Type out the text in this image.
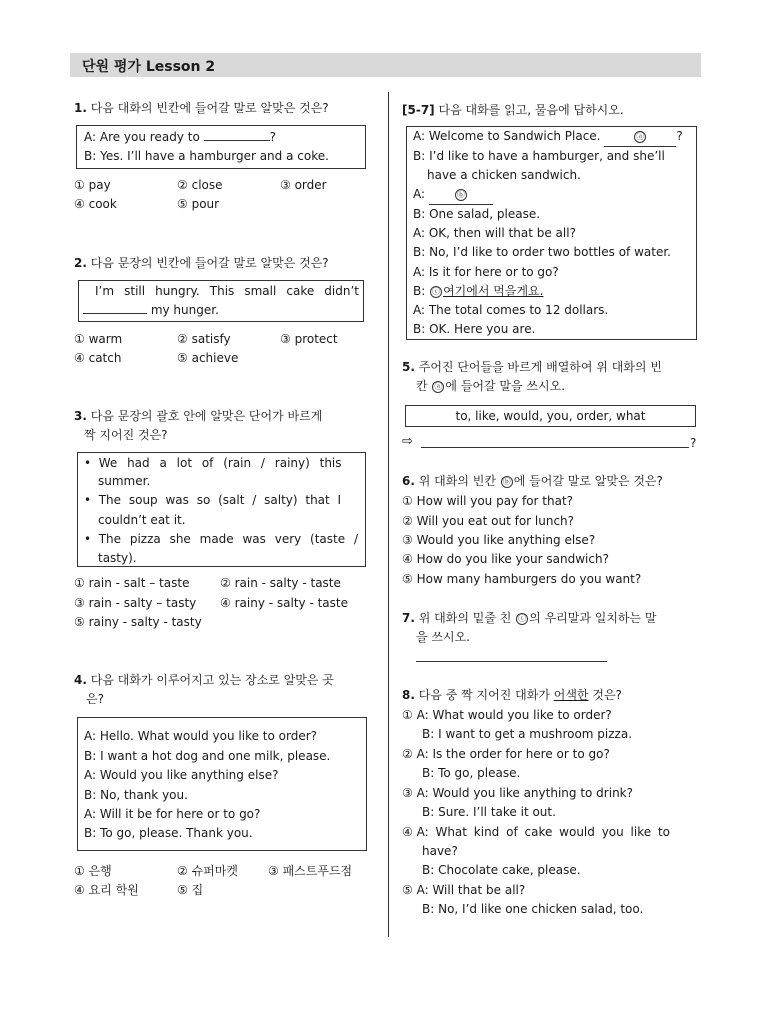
단원 평가 Lesson 2
1. 다음 대화의 빈칸에 들어갈 말로 알맞은 것은?
A: Are you ready to	?
B: Yes. I’ll have a hamburger and a coke.
① pay	② close	③ order
④ cook	⑤ pour
2. 다음 문장의 빈칸에 들어갈 말로 알맞은 것은?
I’m still hungry. This small cake didn’t
my hunger.
① warm	② satisfy	③ protect
④ catch	⑤ achieve
3. 다음 문장의 괄호 안에 알맞은 단어가 바르게
짝 지어진 것은?
•  We had a lot of (rain / rainy) this
summer.
•  The soup was so (salt / salty) that I
couldn’t eat it.
•  The pizza she made was very (taste /
tasty).
① rain - salt – taste	② rain - salty - taste
③ rain - salty – tasty ④ rainy - salty - taste
⑤ rainy - salty - tasty
4. 다음 대화가 이루어지고 있는 장소로 알맞은 곳
은?
A: Hello. What would you like to order?
B: I want a hot dog and one milk, please.
A: Would you like anything else?
B: No, thank you.
A: Will it be for here or to go?
B: To go, please. Thank you.
① 은행	② 슈퍼마켓	③ 패스트푸드점
④ 요리 학원	⑤ 집
[5-7] 다음 대화를 읽고, 물음에 답하시오.
A: Welcome to Sandwich Place.	ⓐ	?
B: I’d like to have a hamburger, and she’ll
have a chicken sandwich.
A:	ⓑ
B: One salad, please.
A: OK, then will that be all?
B: No, I’d like to order two bottles of water.
A: Is it for here or to go?
B: ⓒ 여기에서 먹을게요.
A: The total comes to 12 dollars.
B: OK. Here you are.
5. 주어진 단어들을 바르게 배열하여 위 대화의 빈
칸 ⓐ 에 들어갈 말을 쓰시오.
to, like, would, you, order, what
⇨	?
6. 위 대화의 빈칸 ⓑ 에 들어갈 말로 알맞은 것은?
① How will you pay for that?
② Will you eat out for lunch?
③ Would you like anything else?
④ How do you like your sandwich?
⑤ How many hamburgers do you want?
7. 위 대화의 밑줄 친 ⓒ 의 우리말과 일치하는 말
을 쓰시오.
8. 다음 중 짝 지어진 대화가 어색한 것은?
① A: What would you like to order?
B: I want to get a mushroom pizza.
② A: Is the order for here or to go?
B: To go, please.
③ A: Would you like anything to drink?
B: Sure. I’ll take it out.
④ A: What kind of cake would you like to
have?
B: Chocolate cake, please.
⑤ A: Will that be all?
B: No, I’d like one chicken salad, too.
